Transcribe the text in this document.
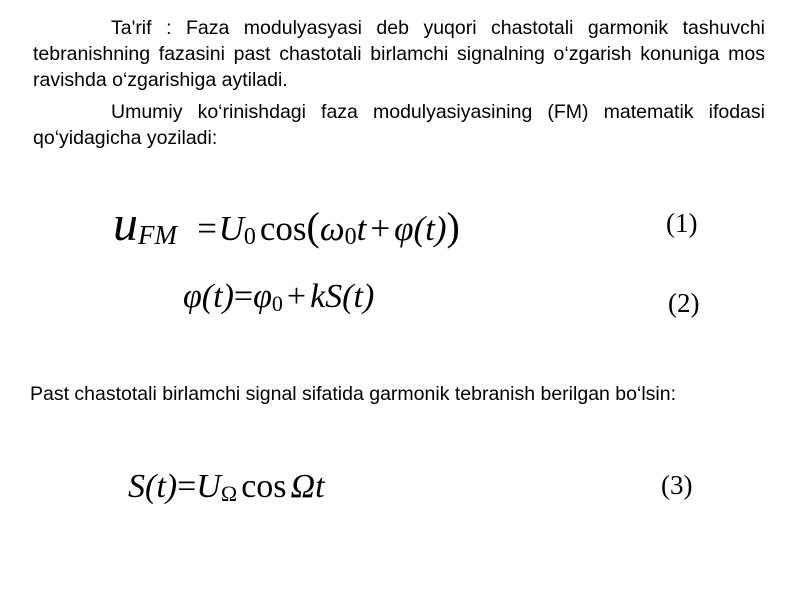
Ta'rif : Faza modulyasyasi deb yuqori chastotali garmonik tashuvchi tebranishning fazasini past chastotali birlamchi signalning o‘zgarish konuniga mos ravishda o‘zgarishiga aytiladi.
Umumiy ko‘rinishdagi faza modulyasiyasining (FM) matematik ifodasi qo‘yidagicha yoziladi:
$u_{FM} =U_0$ $\cos(\omega_0t + \varphi(t))$	(1)
$\varphi(t)=\varphi_0 + kS(t)$	(2)
Past chastotali birlamchi signal sifatida garmonik tebranish berilgan bo‘lsin:
$S(t)=U_\Omega$ cos Ωt	(3)
